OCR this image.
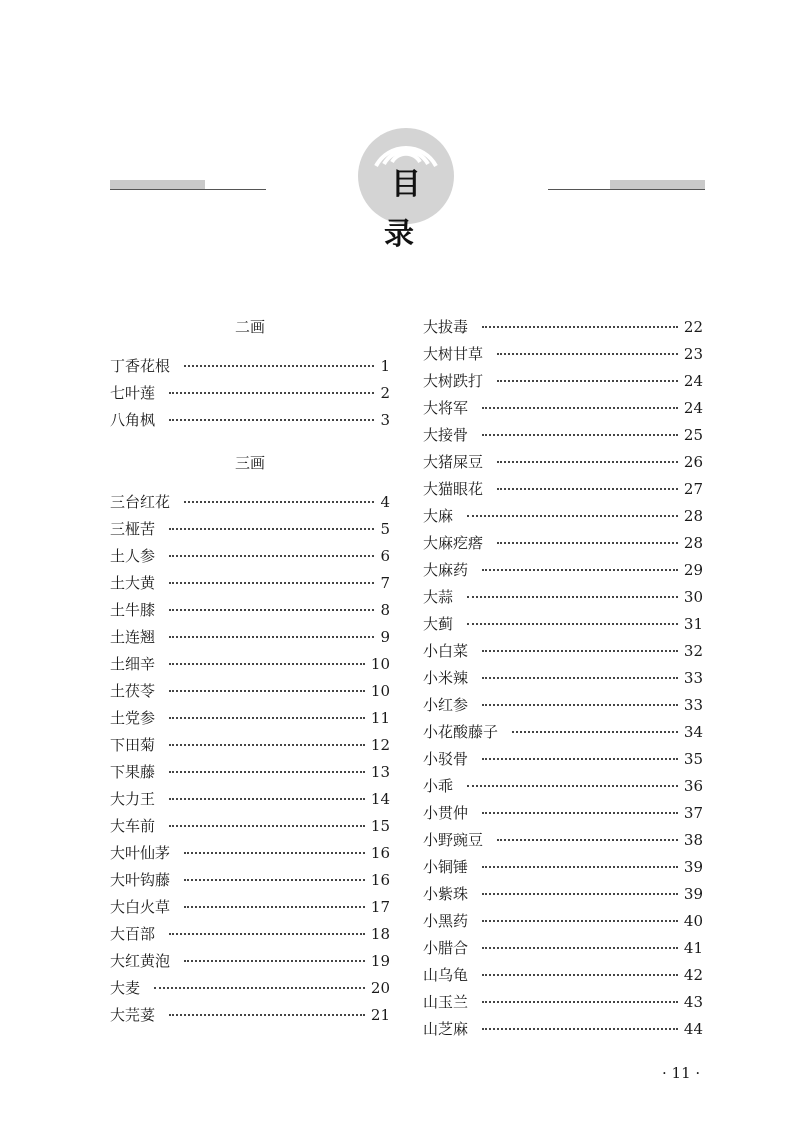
目 录
二画
丁香花根	1
七叶莲	2
八角枫	3
三画
三台红花	4
三桠苦	5
土人参	6
土大黄	7
土牛膝	8
土连翘	9
土细辛	10
土茯苓	10
土党参	11
下田菊	12
下果藤	13
大力王	14
大车前	15
大叶仙茅	16
大叶钩藤	16
大白火草	17
大百部	18
大红黄泡	19
大麦	20
大芫荽	21
大拔毒	22
大树甘草	23
大树跌打	24
大将军	24
大接骨	25
大猪屎豆	26
大猫眼花	27
大麻	28
大麻疙瘩	28
大麻药	29
大蒜	30
大蓟	31
小白菜	32
小米辣	33
小红参	33
小花酸藤子	34
小驳骨	35
小乖	36
小贯仲	37
小野豌豆	38
小铜锤	39
小紫珠	39
小黑药	40
小腊合	41
山乌龟	42
山玉兰	43
山芝麻	44
· 11 ·
